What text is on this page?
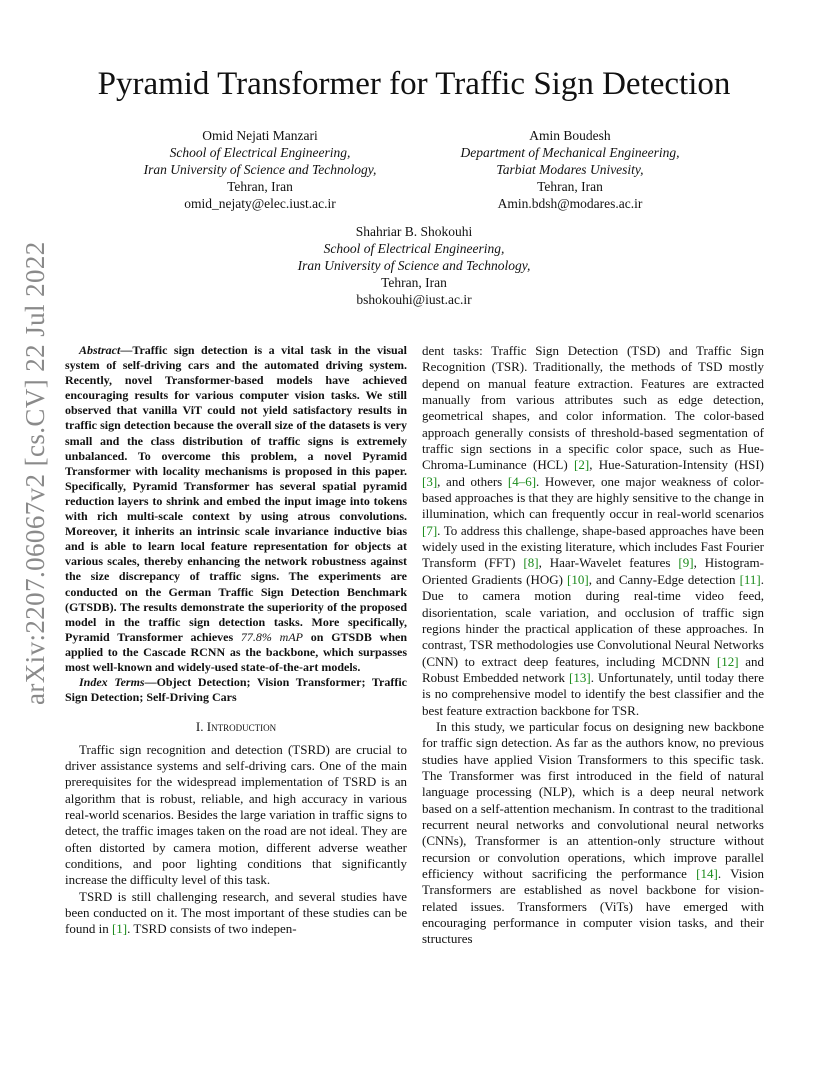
arXiv:2207.06067v2 [cs.CV] 22 Jul 2022
Pyramid Transformer for Traffic Sign Detection
Omid Nejati Manzari
School of Electrical Engineering,
Iran University of Science and Technology,
Tehran, Iran
omid_nejaty@elec.iust.ac.ir
Amin Boudesh
Department of Mechanical Engineering,
Tarbiat Modares Univesity,
Tehran, Iran
Amin.bdsh@modares.ac.ir
Shahriar B. Shokouhi
School of Electrical Engineering,
Iran University of Science and Technology,
Tehran, Iran
bshokouhi@iust.ac.ir

Abstract—Traffic sign detection is a vital task in the visual system of self-driving cars and the automated driving system. Recently, novel Transformer-based models have achieved encouraging results for various computer vision tasks. We still observed that vanilla ViT could not yield satisfactory results in traffic sign detection because the overall size of the datasets is very small and the class distribution of traffic signs is extremely unbalanced. To overcome this problem, a novel Pyramid Transformer with locality mechanisms is proposed in this paper. Specifically, Pyramid Transformer has several spatial pyramid reduction layers to shrink and embed the input image into tokens with rich multi-scale context by using atrous convolutions. Moreover, it inherits an intrinsic scale invariance inductive bias and is able to learn local feature representation for objects at various scales, thereby enhancing the network robustness against the size discrepancy of traffic signs. The experiments are conducted on the German Traffic Sign Detection Benchmark (GTSDB). The results demonstrate the superiority of the proposed model in the traffic sign detection tasks. More specifically, Pyramid Transformer achieves 77.8% mAP on GTSDB when applied to the Cascade RCNN as the backbone, which surpasses most well-known and widely-used state-of-the-art models.

Index Terms—Object Detection; Vision Transformer; Traffic Sign Detection; Self-Driving Cars

I. Introduction

Traffic sign recognition and detection (TSRD) are crucial to driver assistance systems and self-driving cars. One of the main prerequisites for the widespread implementation of TSRD is an algorithm that is robust, reliable, and high accuracy in various real-world scenarios. Besides the large variation in traffic signs to detect, the traffic images taken on the road are not ideal. They are often distorted by camera motion, different adverse weather conditions, and poor lighting conditions that significantly increase the difficulty level of this task.

TSRD is still challenging research, and several studies have been conducted on it. The most important of these studies can be found in [1]. TSRD consists of two indepen-

dent tasks: Traffic Sign Detection (TSD) and Traffic Sign Recognition (TSR). Traditionally, the methods of TSD mostly depend on manual feature extraction. Features are extracted manually from various attributes such as edge detection, geometrical shapes, and color information. The color-based approach generally consists of threshold-based segmentation of traffic sign sections in a specific color space, such as Hue-Chroma-Luminance (HCL) [2], Hue-Saturation-Intensity (HSI) [3], and others [4–6]. However, one major weakness of color-based approaches is that they are highly sensitive to the change in illumination, which can frequently occur in real-world scenarios [7]. To address this challenge, shape-based approaches have been widely used in the existing literature, which includes Fast Fourier Transform (FFT) [8], Haar-Wavelet features [9], Histogram-Oriented Gradients (HOG) [10], and Canny-Edge detection [11]. Due to camera motion during real-time video feed, disorientation, scale variation, and occlusion of traffic sign regions hinder the practical application of these approaches. In contrast, TSR methodologies use Convolutional Neural Networks (CNN) to extract deep features, including MCDNN [12] and Robust Embedded network [13]. Unfortunately, until today there is no comprehensive model to identify the best classifier and the best feature extraction backbone for TSR.

In this study, we particular focus on designing new backbone for traffic sign detection. As far as the authors know, no previous studies have applied Vision Transformers to this specific task. The Transformer was first introduced in the field of natural language processing (NLP), which is a deep neural network based on a self-attention mechanism. In contrast to the traditional recurrent neural networks and convolutional neural networks (CNNs), Transformer is an attention-only structure without recursion or convolution operations, which improve parallel efficiency without sacrificing the performance [14]. Vision Transformers are established as novel backbone for vision-related issues. Transformers (ViTs) have emerged with encouraging performance in computer vision tasks, and their structures
